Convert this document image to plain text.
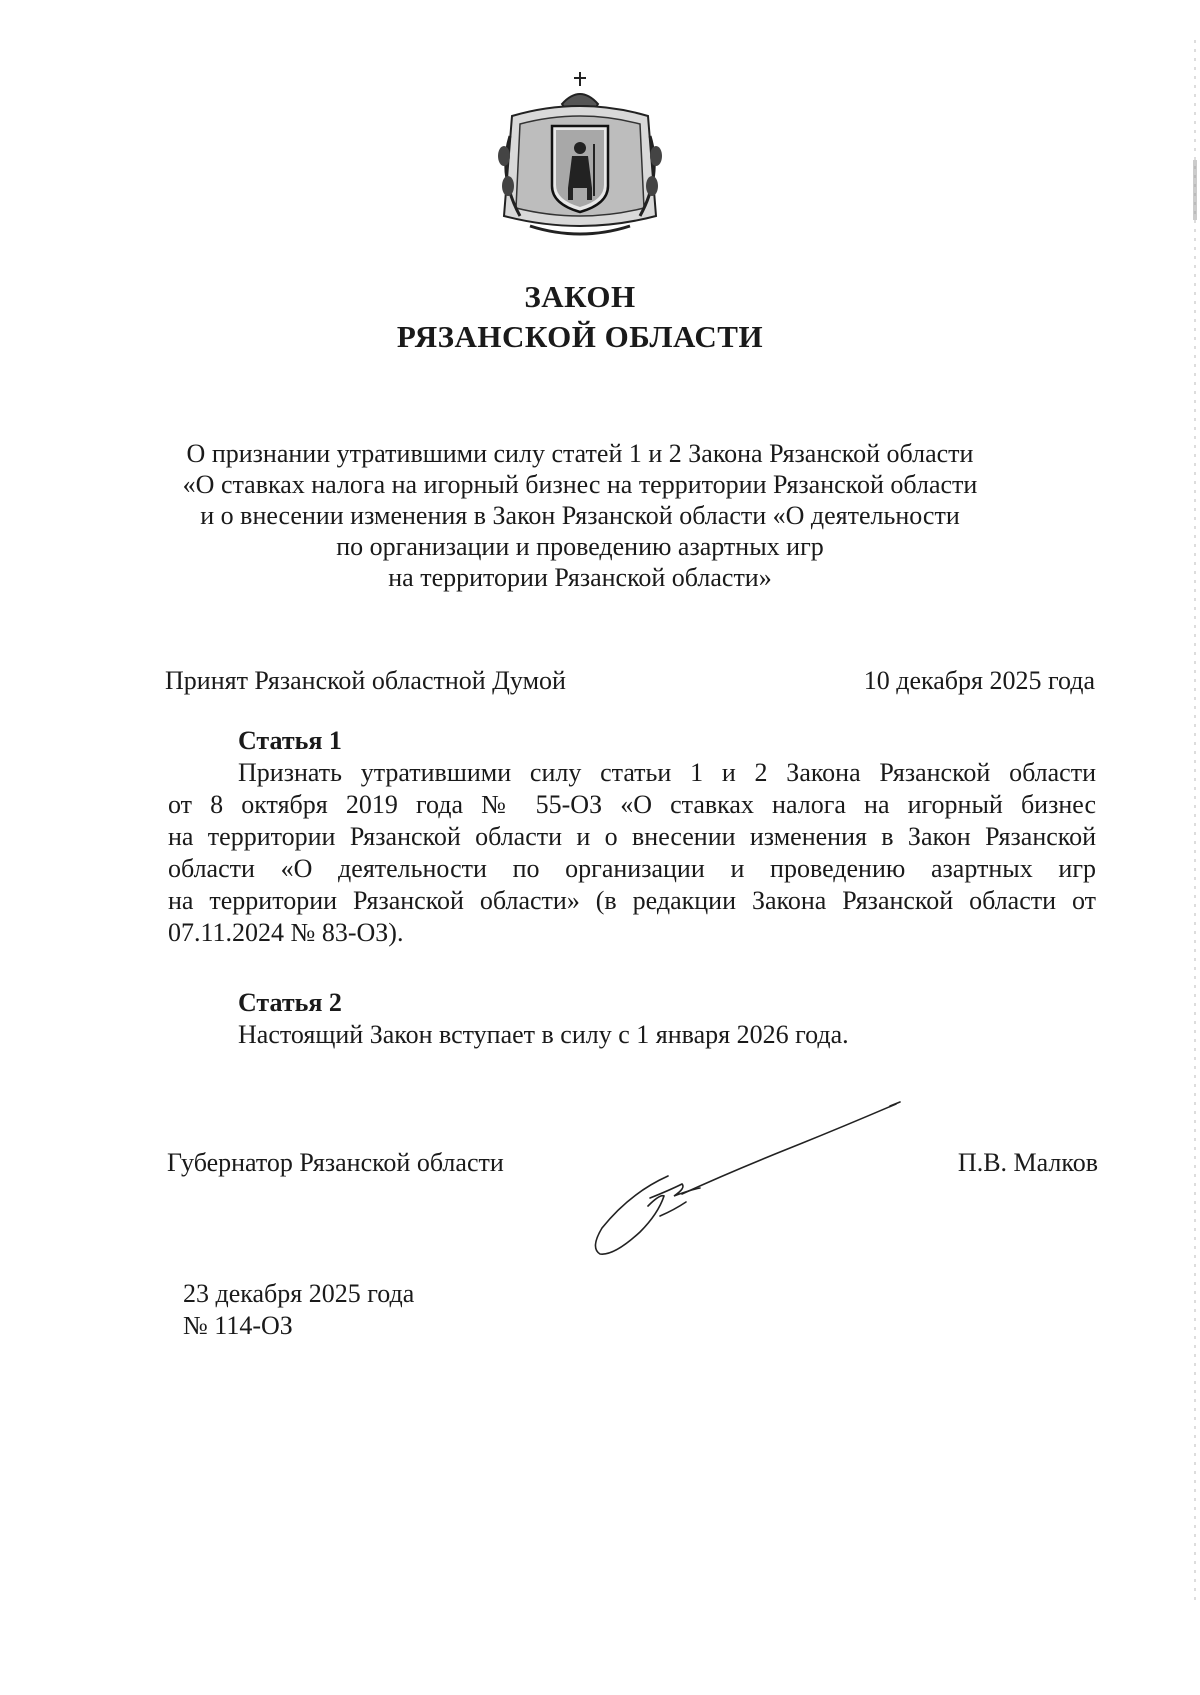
ЗАКОН
РЯЗАНСКОЙ ОБЛАСТИ
О признании утратившими силу статей 1 и 2 Закона Рязанской области
«О ставках налога на игорный бизнес на территории Рязанской области
и о внесении изменения в Закон Рязанской области «О деятельности
по организации и проведению азартных игр
на территории Рязанской области»
Принят Рязанской областной Думой	10 декабря 2025 года
Статья 1
Признать утратившими силу статьи 1 и 2 Закона Рязанской области
от 8 октября 2019 года № 55-ОЗ «О ставках налога на игорный бизнес
на территории Рязанской области и о внесении изменения в Закон Рязанской
области «О деятельности по организации и проведению азартных игр
на территории Рязанской области» (в редакции Закона Рязанской области от
07.11.2024 № 83-ОЗ).
Статья 2
Настоящий Закон вступает в силу с 1 января 2026 года.
Губернатор Рязанской области	П.В. Малков
23 декабря 2025 года
№ 114-ОЗ
